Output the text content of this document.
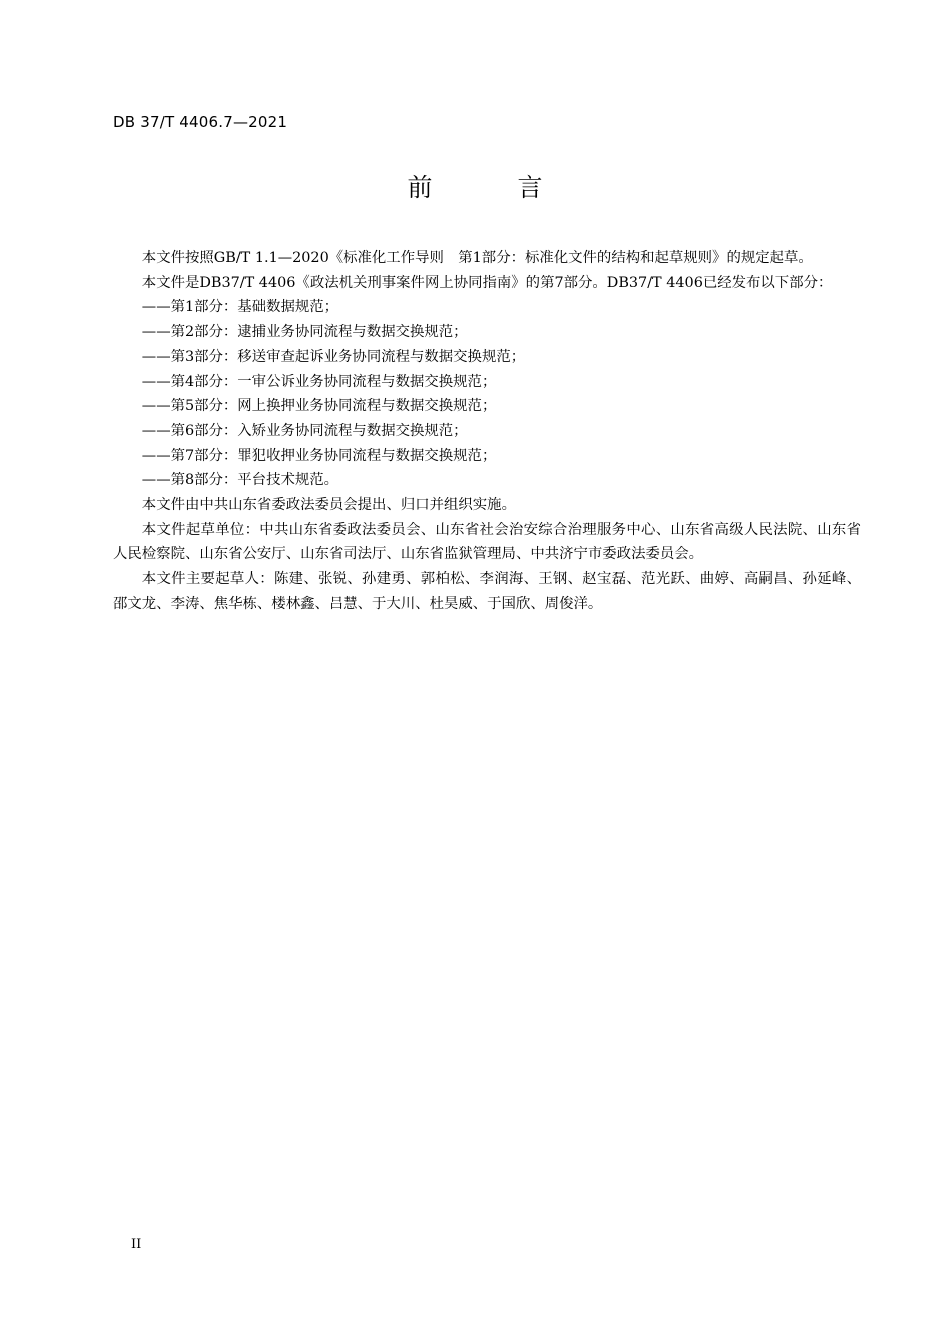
DB 37/T 4406.7—2021
前　言

本文件按照GB/T 1.1—2020《标准化工作导则　第1部分：标准化文件的结构和起草规则》的规定起草。

本文件是DB37/T 4406《政法机关刑事案件网上协同指南》的第7部分。DB37/T 4406已经发布以下部分：

——第1部分：基础数据规范；

——第2部分：逮捕业务协同流程与数据交换规范；

——第3部分：移送审查起诉业务协同流程与数据交换规范；

——第4部分：一审公诉业务协同流程与数据交换规范；

——第5部分：网上换押业务协同流程与数据交换规范；

——第6部分：入矫业务协同流程与数据交换规范；

——第7部分：罪犯收押业务协同流程与数据交换规范；

——第8部分：平台技术规范。

本文件由中共山东省委政法委员会提出、归口并组织实施。

本文件起草单位：中共山东省委政法委员会、山东省社会治安综合治理服务中心、山东省高级人民法院、山东省人民检察院、山东省公安厅、山东省司法厅、山东省监狱管理局、中共济宁市委政法委员会。

本文件主要起草人：陈建、张锐、孙建勇、郭柏松、李润海、王钢、赵宝磊、范光跃、曲婷、高嗣昌、孙延峰、邵文龙、李涛、焦华栋、楼林鑫、吕慧、于大川、杜昊威、于国欣、周俊洋。

II
